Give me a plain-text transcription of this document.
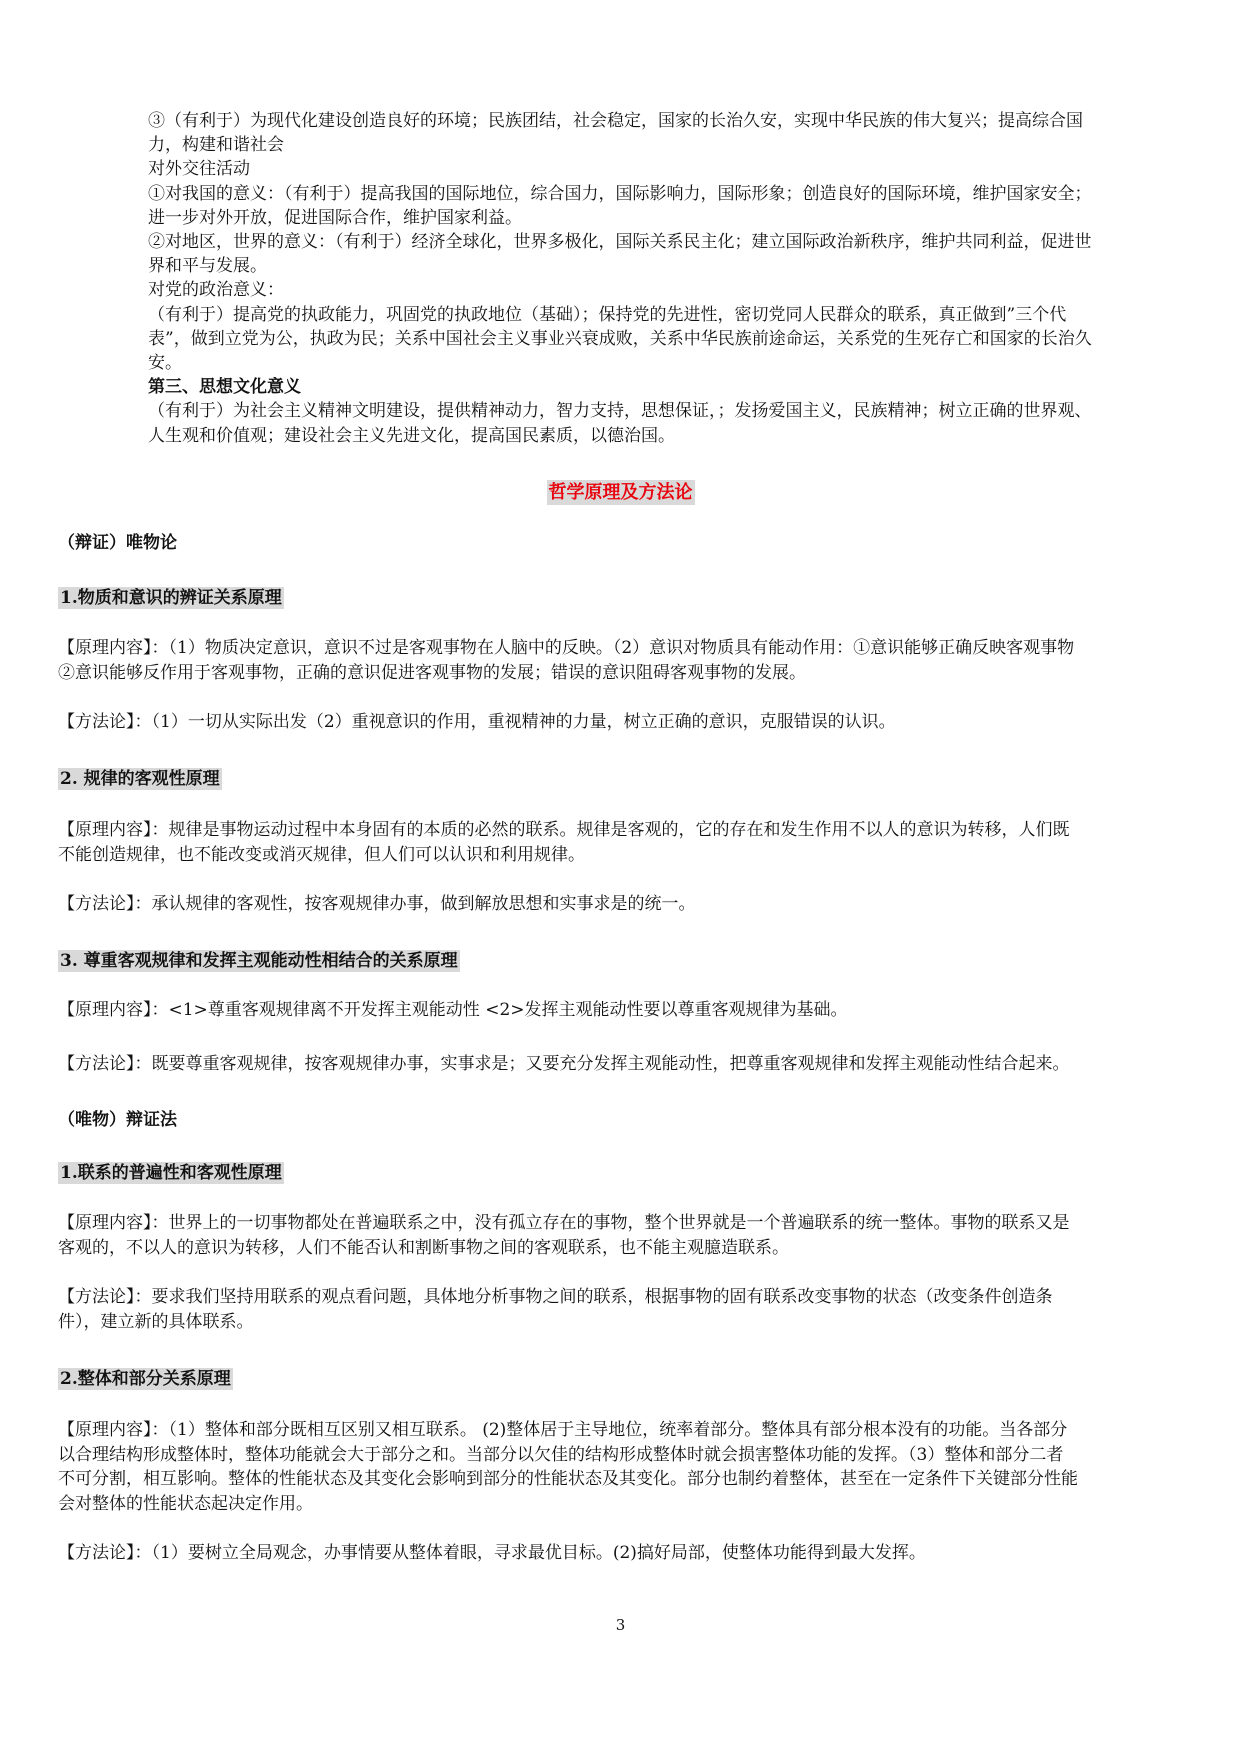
③（有利于）为现代化建设创造良好的环境；民族团结，社会稳定，国家的长治久安，实现中华民族的伟大复兴；提高综合国

力，构建和谐社会

对外交往活动

①对我国的意义：（有利于）提高我国的国际地位，综合国力，国际影响力，国际形象；创造良好的国际环境，维护国家安全；

进一步对外开放，促进国际合作，维护国家利益。

②对地区，世界的意义：（有利于）经济全球化，世界多极化，国际关系民主化；建立国际政治新秩序，维护共同利益，促进世

界和平与发展。

对党的政治意义：

（有利于）提高党的执政能力，巩固党的执政地位（基础）；保持党的先进性，密切党同人民群众的联系，真正做到”三个代

表”，做到立党为公，执政为民；关系中国社会主义事业兴衰成败，关系中华民族前途命运，关系党的生死存亡和国家的长治久

安。

第三、思想文化意义

（有利于）为社会主义精神文明建设，提供精神动力，智力支持，思想保证，；发扬爱国主义，民族精神；树立正确的世界观、

人生观和价值观；建设社会主义先进文化，提高国民素质，以德治国。

哲学原理及方法论
（辩证）唯物论
1.物质和意识的辨证关系原理

【原理内容】：（1）物质决定意识，意识不过是客观事物在人脑中的反映。（2）意识对物质具有能动作用：①意识能够正确反映客观事物

②意识能够反作用于客观事物，正确的意识促进客观事物的发展；错误的意识阻碍客观事物的发展。

【方法论】：（1）一切从实际出发（2）重视意识的作用，重视精神的力量，树立正确的意识，克服错误的认识。

2. 规律的客观性原理

【原理内容】：规律是事物运动过程中本身固有的本质的必然的联系。规律是客观的，它的存在和发生作用不以人的意识为转移，人们既

不能创造规律，也不能改变或消灭规律，但人们可以认识和利用规律。

【方法论】：承认规律的客观性，按客观规律办事，做到解放思想和实事求是的统一。

3. 尊重客观规律和发挥主观能动性相结合的关系原理

【原理内容】：<1>尊重客观规律离不开发挥主观能动性 <2>发挥主观能动性要以尊重客观规律为基础。

【方法论】：既要尊重客观规律，按客观规律办事，实事求是；又要充分发挥主观能动性，把尊重客观规律和发挥主观能动性结合起来。

（唯物）辩证法
1.联系的普遍性和客观性原理

【原理内容】：世界上的一切事物都处在普遍联系之中，没有孤立存在的事物，整个世界就是一个普遍联系的统一整体。事物的联系又是

客观的，不以人的意识为转移，人们不能否认和割断事物之间的客观联系，也不能主观臆造联系。

【方法论】：要求我们坚持用联系的观点看问题，具体地分析事物之间的联系，根据事物的固有联系改变事物的状态（改变条件创造条

件），建立新的具体联系。

2.整体和部分关系原理

【原理内容】：（1）整体和部分既相互区别又相互联系。 (2)整体居于主导地位，统率着部分。整体具有部分根本没有的功能。当各部分

以合理结构形成整体时，整体功能就会大于部分之和。当部分以欠佳的结构形成整体时就会损害整体功能的发挥。（3）整体和部分二者

不可分割，相互影响。整体的性能状态及其变化会影响到部分的性能状态及其变化。部分也制约着整体，甚至在一定条件下关键部分性能

会对整体的性能状态起决定作用。

【方法论】：（1）要树立全局观念，办事情要从整体着眼，寻求最优目标。(2)搞好局部，使整体功能得到最大发挥。

3
